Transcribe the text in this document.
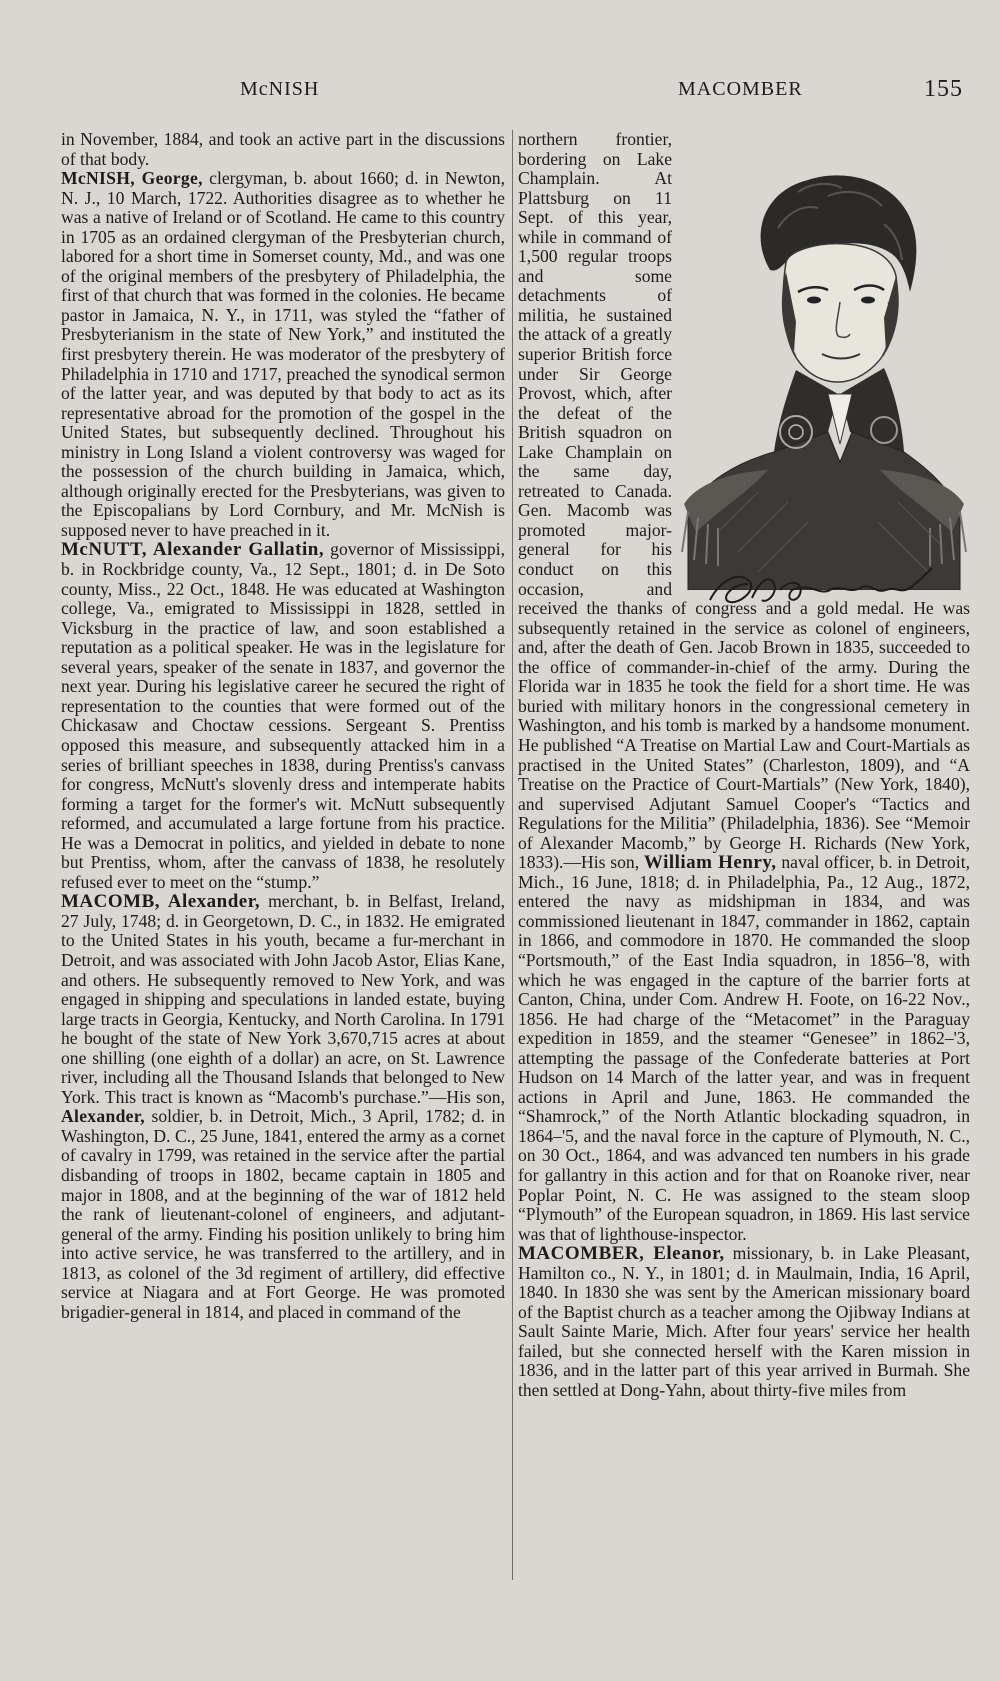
McNISH	MACOMBER	155

in November, 1884, and took an active part in the discussions of that body.

McNISH, George, clergyman, b. about 1660; d. in Newton, N. J., 10 March, 1722. Authorities disagree as to whether he was a native of Ireland or of Scotland. He came to this country in 1705 as an ordained clergyman of the Presbyterian church, labored for a short time in Somerset county, Md., and was one of the original members of the presbytery of Philadelphia, the first of that church that was formed in the colonies. He became pastor in Jamaica, N. Y., in 1711, was styled the “father of Presbyterianism in the state of New York,” and instituted the first presbytery therein. He was moderator of the presbytery of Philadelphia in 1710 and 1717, preached the synodical sermon of the latter year, and was deputed by that body to act as its representative abroad for the promotion of the gospel in the United States, but subsequently declined. Throughout his ministry in Long Island a violent controversy was waged for the possession of the church building in Jamaica, which, although originally erected for the Presbyterians, was given to the Episcopalians by Lord Cornbury, and Mr. McNish is supposed never to have preached in it.

McNUTT, Alexander Gallatin, governor of Mississippi, b. in Rockbridge county, Va., 12 Sept., 1801; d. in De Soto county, Miss., 22 Oct., 1848. He was educated at Washington college, Va., emigrated to Mississippi in 1828, settled in Vicksburg in the practice of law, and soon established a reputation as a political speaker. He was in the legislature for several years, speaker of the senate in 1837, and governor the next year. During his legislative career he secured the right of representation to the counties that were formed out of the Chickasaw and Choctaw cessions. Sergeant S. Prentiss opposed this measure, and subsequently attacked him in a series of brilliant speeches in 1838, during Prentiss's canvass for congress, McNutt's slovenly dress and intemperate habits forming a target for the former's wit. McNutt subsequently reformed, and accumulated a large fortune from his practice. He was a Democrat in politics, and yielded in debate to none but Prentiss, whom, after the canvass of 1838, he resolutely refused ever to meet on the “stump.”

MACOMB, Alexander, merchant, b. in Belfast, Ireland, 27 July, 1748; d. in Georgetown, D. C., in 1832. He emigrated to the United States in his youth, became a fur-merchant in Detroit, and was associated with John Jacob Astor, Elias Kane, and others. He subsequently removed to New York, and was engaged in shipping and speculations in landed estate, buying large tracts in Georgia, Kentucky, and North Carolina. In 1791 he bought of the state of New York 3,670,715 acres at about one shilling (one eighth of a dollar) an acre, on St. Lawrence river, including all the Thousand Islands that belonged to New York. This tract is known as “Macomb's purchase.”—His son, Alexander, soldier, b. in Detroit, Mich., 3 April, 1782; d. in Washington, D. C., 25 June, 1841, entered the army as a cornet of cavalry in 1799, was retained in the service after the partial disbanding of troops in 1802, became captain in 1805 and major in 1808, and at the beginning of the war of 1812 held the rank of lieutenant-colonel of engineers, and adjutant-general of the army. Finding his position unlikely to bring him into active service, he was transferred to the artillery, and in 1813, as colonel of the 3d regiment of artillery, did effective service at Niagara and at Fort George. He was promoted brigadier-general in 1814, and placed in command of the

northern frontier, bordering on Lake Champlain. At Plattsburg on 11 Sept. of this year, while in command of 1,500 regular troops and some detachments of militia, he sustained the attack of a greatly superior British force under Sir George Provost, which, after the defeat of the British squadron on Lake Champlain on the same day, retreated to Canada. Gen. Macomb was promoted major-general for his conduct on this occasion, and received the thanks of congress and a gold medal. He was subsequently retained in the service as colonel of engineers, and, after the death of Gen. Jacob Brown in 1835, succeeded to the office of commander-in-chief of the army. During the Florida war in 1835 he took the field for a short time. He was buried with military honors in the congressional cemetery in Washington, and his tomb is marked by a handsome monument. He published “A Treatise on Martial Law and Court-Martials as practised in the United States” (Charleston, 1809), and “A Treatise on the Practice of Court-Martials” (New York, 1840), and supervised Adjutant Samuel Cooper's “Tactics and Regulations for the Militia” (Philadelphia, 1836). See “Memoir of Alexander Macomb,” by George H. Richards (New York, 1833).—His son, William Henry, naval officer, b. in Detroit, Mich., 16 June, 1818; d. in Philadelphia, Pa., 12 Aug., 1872, entered the navy as midshipman in 1834, and was commissioned lieutenant in 1847, commander in 1862, captain in 1866, and commodore in 1870. He commanded the sloop “Portsmouth,” of the East India squadron, in 1856–'8, with which he was engaged in the capture of the barrier forts at Canton, China, under Com. Andrew H. Foote, on 16-22 Nov., 1856. He had charge of the “Metacomet” in the Paraguay expedition in 1859, and the steamer “Genesee” in 1862–'3, attempting the passage of the Confederate batteries at Port Hudson on 14 March of the latter year, and was in frequent actions in April and June, 1863. He commanded the “Shamrock,” of the North Atlantic blockading squadron, in 1864–'5, and the naval force in the capture of Plymouth, N. C., on 30 Oct., 1864, and was advanced ten numbers in his grade for gallantry in this action and for that on Roanoke river, near Poplar Point, N. C. He was assigned to the steam sloop “Plymouth” of the European squadron, in 1869. His last service was that of lighthouse-inspector.

MACOMBER, Eleanor, missionary, b. in Lake Pleasant, Hamilton co., N. Y., in 1801; d. in Maulmain, India, 16 April, 1840. In 1830 she was sent by the American missionary board of the Baptist church as a teacher among the Ojibway Indians at Sault Sainte Marie, Mich. After four years' service her health failed, but she connected herself with the Karen mission in 1836, and in the latter part of this year arrived in Burmah. She then settled at Dong-Yahn, about thirty-five miles from
